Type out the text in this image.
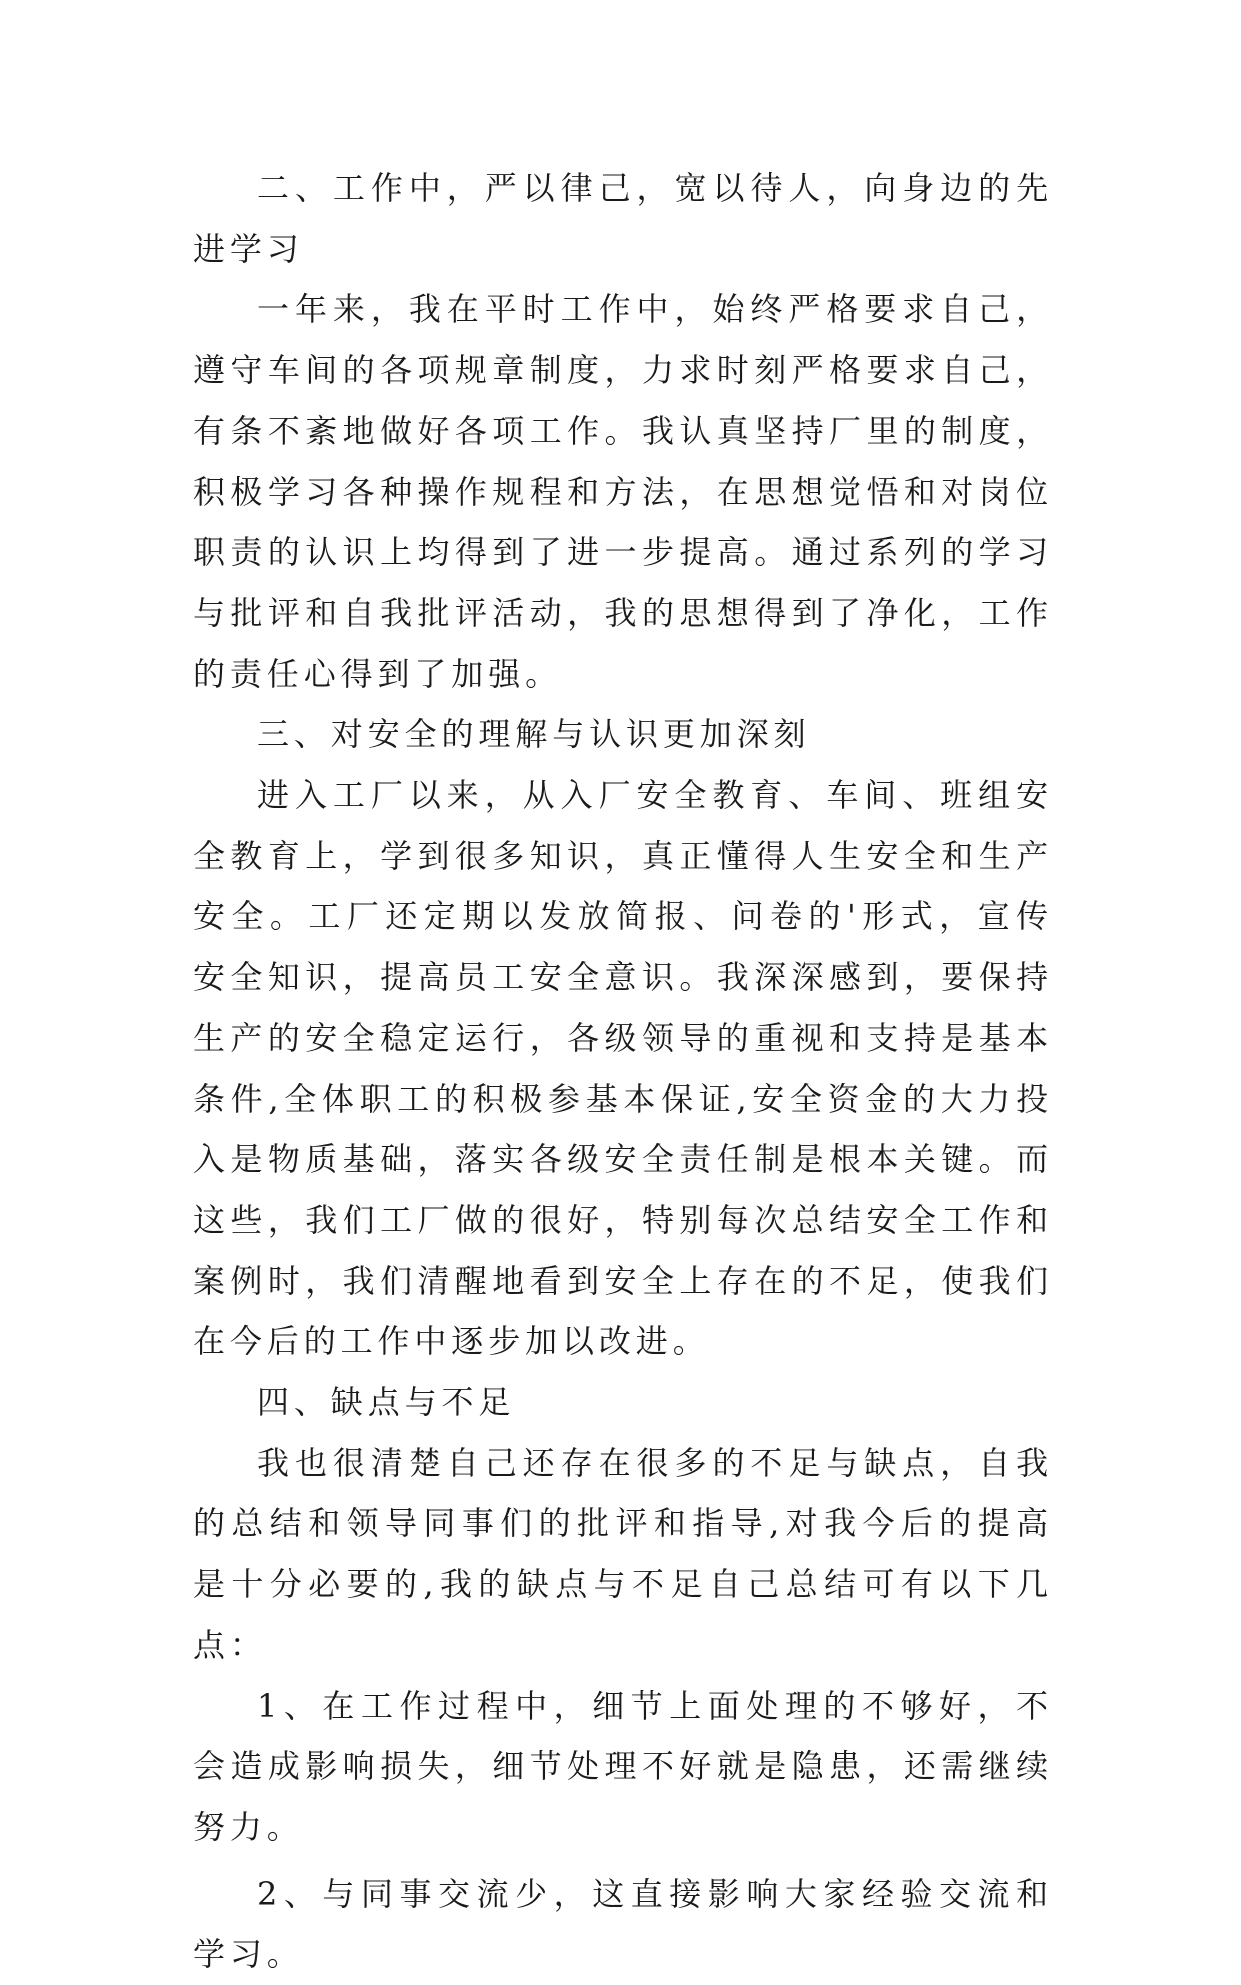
二、工作中，严以律己，宽以待人，向身边的先进学习

一年来，我在平时工作中，始终严格要求自己，遵守车间的各项规章制度，力求时刻严格要求自己，有条不紊地做好各项工作。我认真坚持厂里的制度，积极学习各种操作规程和方法，在思想觉悟和对岗位职责的认识上均得到了进一步提高。通过系列的学习与批评和自我批评活动，我的思想得到了净化，工作的责任心得到了加强。

三、对安全的理解与认识更加深刻

进入工厂以来，从入厂安全教育、车间、班组安全教育上，学到很多知识，真正懂得人生安全和生产安全。工厂还定期以发放简报、问卷的'形式，宣传安全知识，提高员工安全意识。我深深感到，要保持生产的安全稳定运行，各级领导的重视和支持是基本条件,全体职工的积极参基本保证,安全资金的大力投入是物质基础，落实各级安全责任制是根本关键。而这些，我们工厂做的很好，特别每次总结安全工作和案例时，我们清醒地看到安全上存在的不足，使我们在今后的工作中逐步加以改进。

四、缺点与不足

我也很清楚自己还存在很多的不足与缺点，自我的总结和领导同事们的批评和指导,对我今后的提高是十分必要的,我的缺点与不足自己总结可有以下几点：

1、在工作过程中，细节上面处理的不够好，不会造成影响损失，细节处理不好就是隐患，还需继续努力。

2、与同事交流少，这直接影响大家经验交流和学习。
